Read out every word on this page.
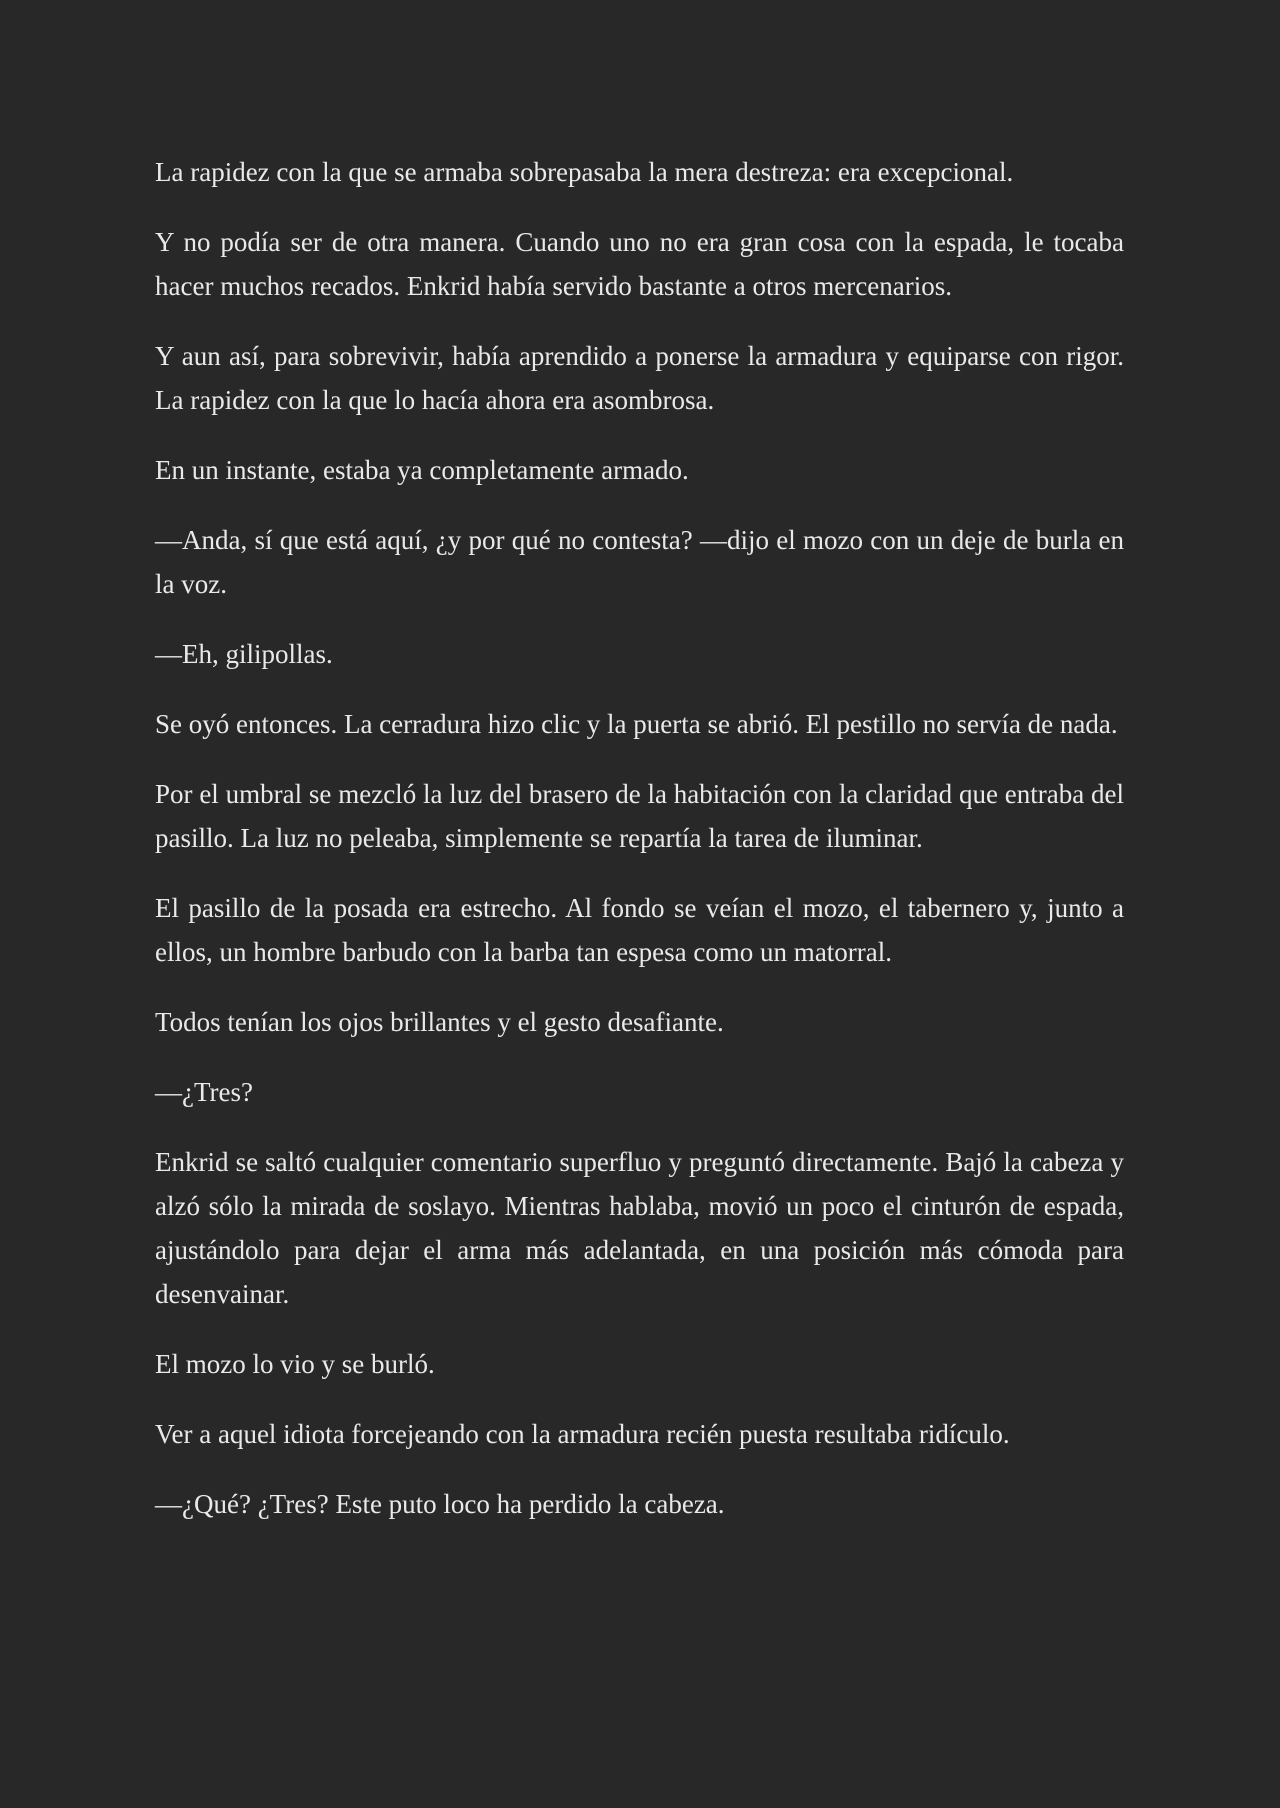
La rapidez con la que se armaba sobrepasaba la mera destreza: era excepcional.

Y no podía ser de otra manera. Cuando uno no era gran cosa con la espada, le tocaba hacer muchos recados. Enkrid había servido bastante a otros mercenarios.

Y aun así, para sobrevivir, había aprendido a ponerse la armadura y equiparse con rigor. La rapidez con la que lo hacía ahora era asombrosa.

En un instante, estaba ya completamente armado.

—Anda, sí que está aquí, ¿y por qué no contesta? —dijo el mozo con un deje de burla en la voz.

—Eh, gilipollas.

Se oyó entonces. La cerradura hizo clic y la puerta se abrió. El pestillo no servía de nada.

Por el umbral se mezcló la luz del brasero de la habitación con la claridad que entraba del pasillo. La luz no peleaba, simplemente se repartía la tarea de iluminar.

El pasillo de la posada era estrecho. Al fondo se veían el mozo, el tabernero y, junto a ellos, un hombre barbudo con la barba tan espesa como un matorral.

Todos tenían los ojos brillantes y el gesto desafiante.

—¿Tres?

Enkrid se saltó cualquier comentario superfluo y preguntó directamente. Bajó la cabeza y alzó sólo la mirada de soslayo. Mientras hablaba, movió un poco el cinturón de espada, ajustándolo para dejar el arma más adelantada, en una posición más cómoda para desenvainar.

El mozo lo vio y se burló.

Ver a aquel idiota forcejeando con la armadura recién puesta resultaba ridículo.

—¿Qué? ¿Tres? Este puto loco ha perdido la cabeza.
